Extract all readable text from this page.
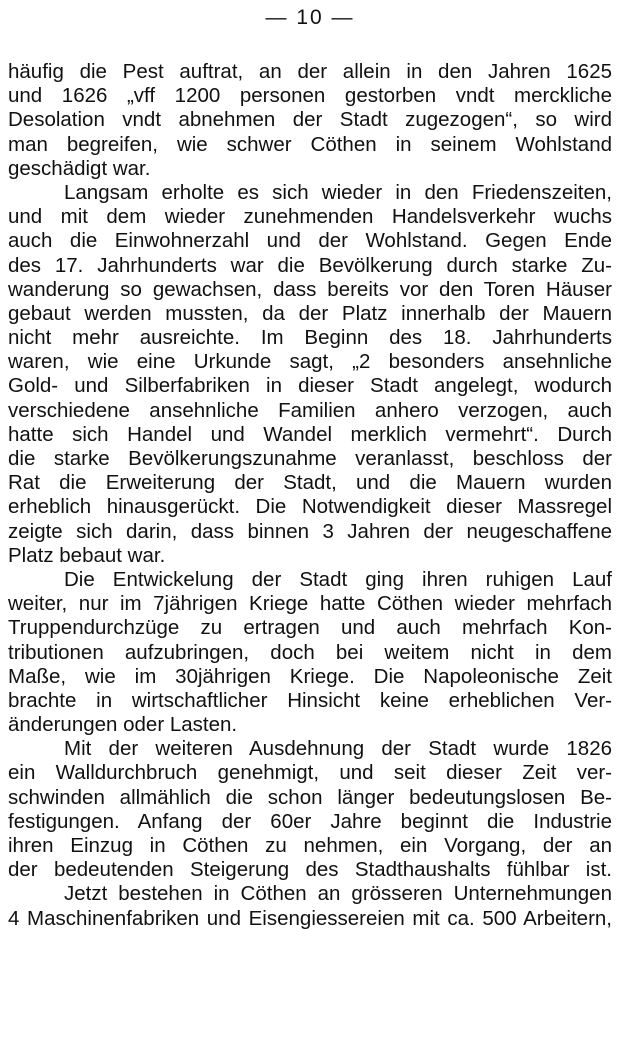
— 10 —
häufig die Pest auftrat, an der allein in den Jahren 1625
und 1626 „vff 1200 personen gestorben vndt merckliche
Desolation vndt abnehmen der Stadt zugezogen“, so wird
man begreifen, wie schwer Cöthen in seinem Wohlstand
geschädigt war.
Langsam erholte es sich wieder in den Friedenszeiten,
und mit dem wieder zunehmenden Handelsverkehr wuchs
auch die Einwohnerzahl und der Wohlstand. Gegen Ende
des 17. Jahrhunderts war die Bevölkerung durch starke Zu-
wanderung so gewachsen, dass bereits vor den Toren Häuser
gebaut werden mussten, da der Platz innerhalb der Mauern
nicht mehr ausreichte. Im Beginn des 18. Jahrhunderts
waren, wie eine Urkunde sagt, „2 besonders ansehnliche
Gold- und Silberfabriken in dieser Stadt angelegt, wodurch
verschiedene ansehnliche Familien anhero verzogen, auch
hatte sich Handel und Wandel merklich vermehrt“. Durch
die starke Bevölkerungszunahme veranlasst, beschloss der
Rat die Erweiterung der Stadt, und die Mauern wurden
erheblich hinausgerückt. Die Notwendigkeit dieser Massregel
zeigte sich darin, dass binnen 3 Jahren der neugeschaffene
Platz bebaut war.
Die Entwickelung der Stadt ging ihren ruhigen Lauf
weiter, nur im 7jährigen Kriege hatte Cöthen wieder mehrfach
Truppendurchzüge zu ertragen und auch mehrfach Kon-
tributionen aufzubringen, doch bei weitem nicht in dem
Maße, wie im 30jährigen Kriege. Die Napoleonische Zeit
brachte in wirtschaftlicher Hinsicht keine erheblichen Ver-
änderungen oder Lasten.
Mit der weiteren Ausdehnung der Stadt wurde 1826
ein Walldurchbruch genehmigt, und seit dieser Zeit ver-
schwinden allmählich die schon länger bedeutungslosen Be-
festigungen. Anfang der 60er Jahre beginnt die Industrie
ihren Einzug in Cöthen zu nehmen, ein Vorgang, der an
der bedeutenden Steigerung des Stadthaushalts fühlbar ist.
Jetzt bestehen in Cöthen an grösseren Unternehmungen
4 Maschinenfabriken und Eisengiessereien mit ca. 500 Arbeitern,
